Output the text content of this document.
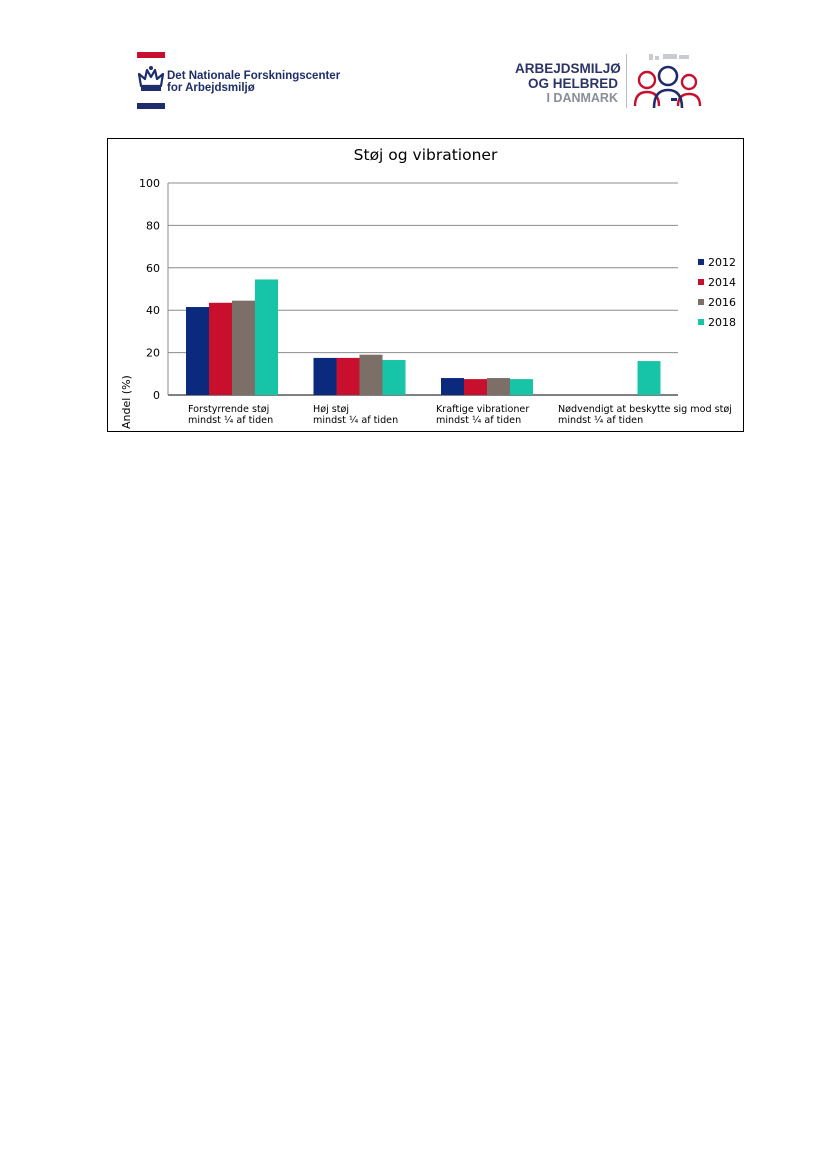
Det Nationale Forskningscenter
for Arbejdsmiljø
ARBEJDSMILJØ
OG HELBRED
I DANMARK
Støj og vibrationer
Andel (%) 0
20
40
60
80
100
2012
2014
2016
2018
Forstyrrende støj
mindst ¼ af tiden
Høj støj
mindst ¼ af tiden
Kraftige vibrationer
mindst ¼ af tiden
Nødvendigt at beskytte sig mod støj
mindst ¼ af tiden
